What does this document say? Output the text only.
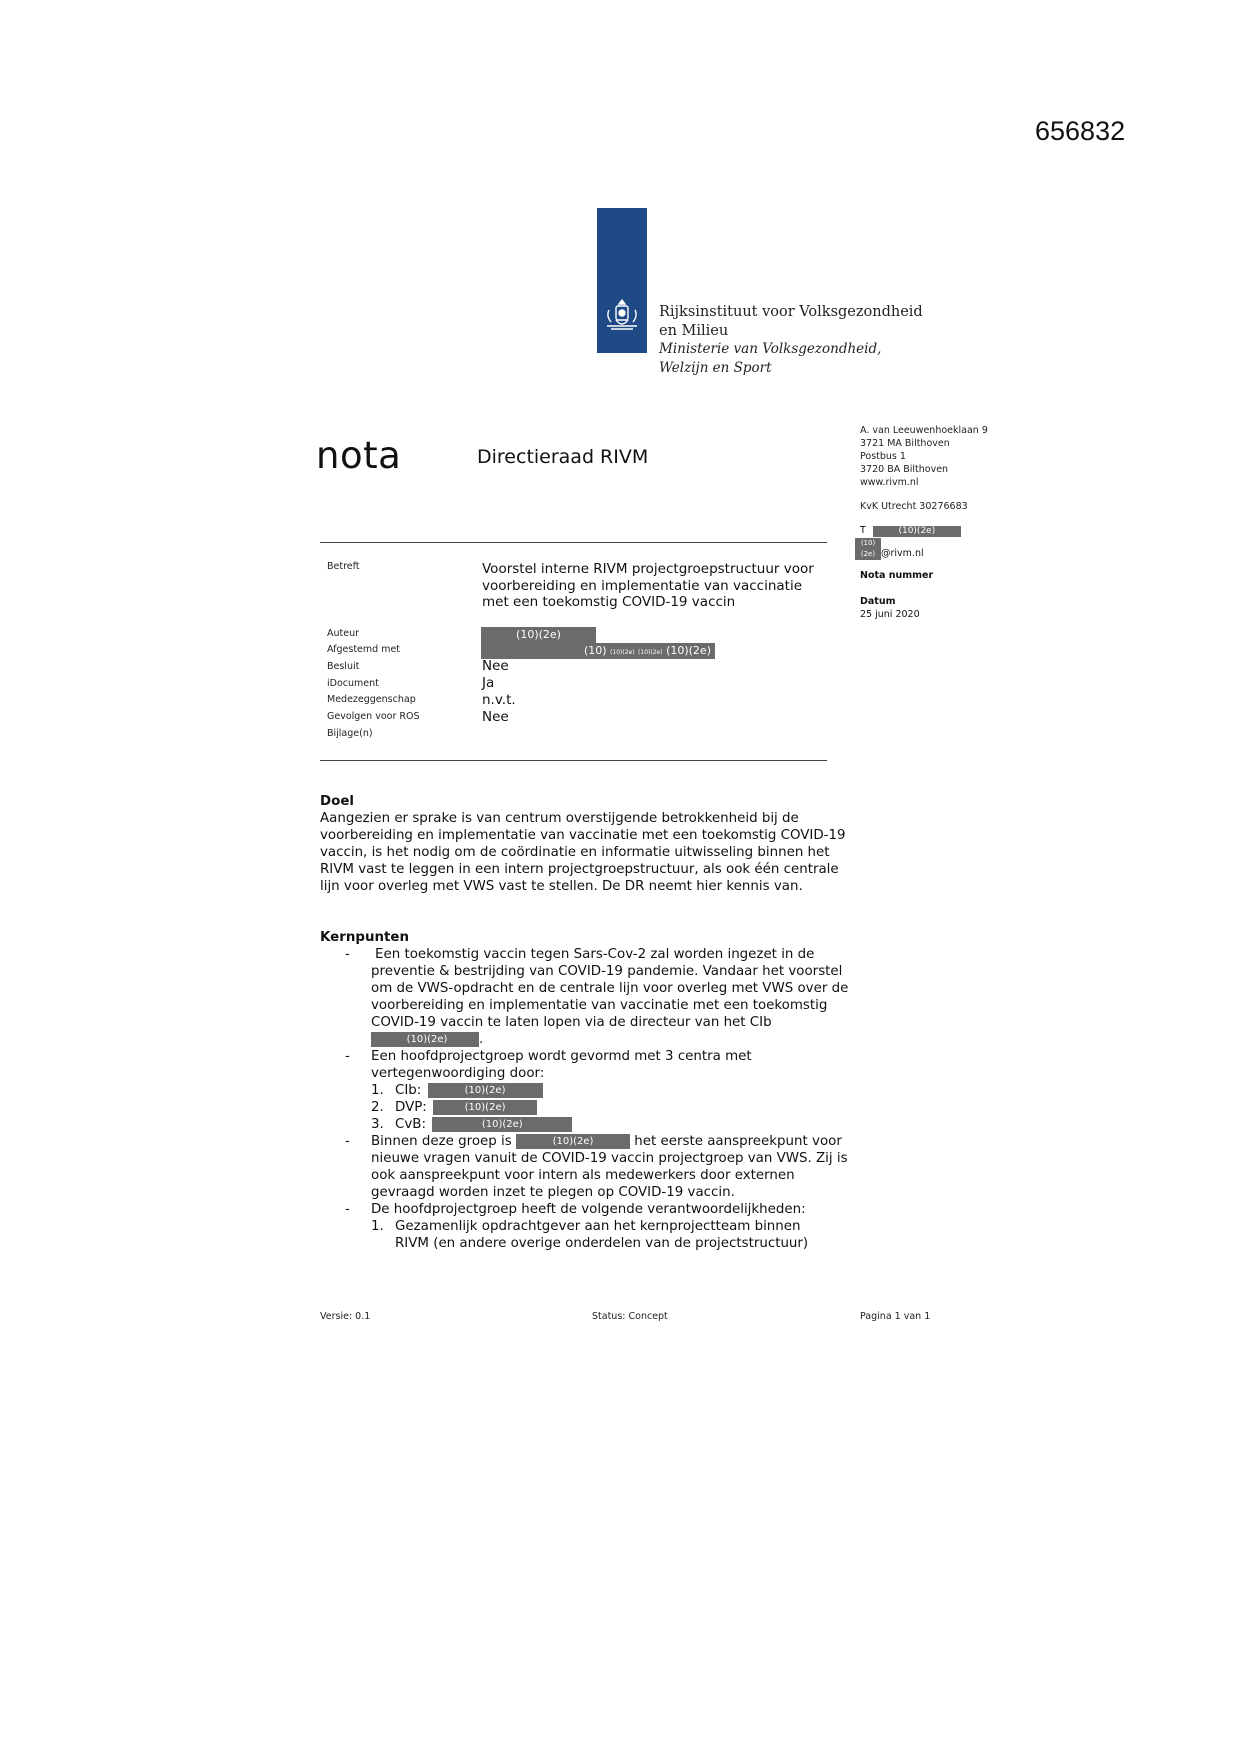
656832
Rijksinstituut voor Volksgezondheid
en Milieu
Ministerie van Volksgezondheid,
Welzijn en Sport
nota	Directieraad RIVM
A. van Leeuwenhoeklaan 9
3721 MA Bilthoven
Postbus 1
3720 BA Bilthoven
www.rivm.nl
KvK Utrecht 30276683
T	(10)(2e)
(10)(2e) @rivm.nl
Nota nummer
Datum
25 juni 2020
Betreft	Voorstel interne RIVM projectgroepstructuur voor voorbereiding en implementatie van vaccinatie met een toekomstig COVID-19 vaccin
Auteur	(10)(2e)
Afgestemd met	(10) (10)(2e) (10)(2e) (10)(2e)
Besluit	Nee
iDocument	Ja
Medezeggenschap	n.v.t.
Gevolgen voor ROS	Nee
Bijlage(n)
Doel

Aangezien er sprake is van centrum overstijgende betrokkenheid bij de voorbereiding en implementatie van vaccinatie met een toekomstig COVID-19 vaccin, is het nodig om de coördinatie en informatie uitwisseling binnen het RIVM vast te leggen in een intern projectgroepstructuur, als ook één centrale lijn voor overleg met VWS vast te stellen. De DR neemt hier kennis van.

Kernpunten
- Een toekomstig vaccin tegen Sars-Cov-2 zal worden ingezet in de preventie & bestrijding van COVID-19 pandemie. Vandaar het voorstel om de VWS-opdracht en de centrale lijn voor overleg met VWS over de voorbereiding en implementatie van vaccinatie met een toekomstig COVID-19 vaccin te laten lopen via de directeur van het CIb (10)(2e) .
- Een hoofdprojectgroep wordt gevormd met 3 centra met vertegenwoordiging door:
1. CIb:	(10)(2e)
2. DVP:	(10)(2e)
3. CvB:	(10)(2e)
- Binnen deze groep is	(10)(2e)	het eerste aanspreekpunt voor nieuwe vragen vanuit de COVID-19 vaccin projectgroep van VWS. Zij is ook aanspreekpunt voor intern als medewerkers door externen gevraagd worden inzet te plegen op COVID-19 vaccin.
- De hoofdprojectgroep heeft de volgende verantwoordelijkheden:
1. Gezamenlijk opdrachtgever aan het kernprojectteam binnen RIVM (en andere overige onderdelen van de projectstructuur)
Versie: 0.1	Status: Concept	Pagina 1 van 1
